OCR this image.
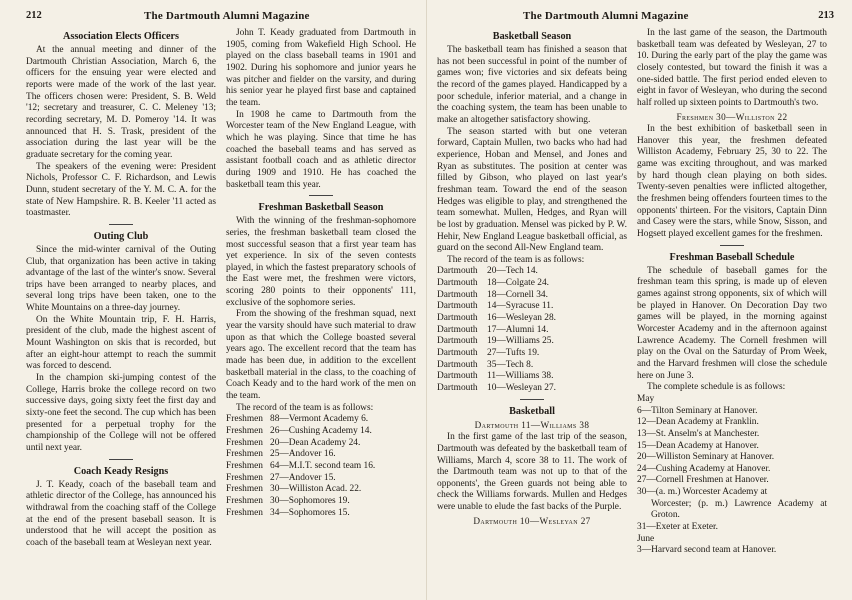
212	The Dartmouth Alumni Magazine
Association Elects Officers

At the annual meeting and dinner of the Dartmouth Christian Association, March 6, the officers for the ensuing year were elected and reports were made of the work of the last year. The officers chosen were: President, S. B. Weld '12; secretary and treasurer, C. C. Meleney '13; recording secretary, M. D. Pomeroy '14. It was announced that H. S. Trask, president of the association during the last year will be the graduate secretary for the coming year.

The speakers of the evening were: President Nichols, Professor C. F. Richardson, and Lewis Dunn, student secretary of the Y. M. C. A. for the state of New Hampshire. R. B. Keeler '11 acted as toastmaster.

Outing Club

Since the mid-winter carnival of the Outing Club, that organization has been active in taking advantage of the last of the winter's snow. Several trips have been arranged to nearby places, and several long trips have been taken, one to the White Mountains on a three-day journey.

On the White Mountain trip, F. H. Harris, president of the club, made the highest ascent of Mount Washington on skis that is recorded, but after an eight-hour attempt to reach the summit was forced to descend.

In the champion ski-jumping contest of the College, Harris broke the college record on two successive days, going sixty feet the first day and sixty-one feet the second. The cup which has been presented for a perpetual trophy for the championship of the College will not be offered until next year.

Coach Keady Resigns

J. T. Keady, coach of the baseball team and athletic director of the College, has announced his withdrawal from the coaching staff of the College at the end of the present baseball season. It is understood that he will accept the position as coach of the baseball team at Wesleyan next year.

John T. Keady graduated from Dartmouth in 1905, coming from Wakefield High School. He played on the class baseball teams in 1901 and 1902. During his sophomore and junior years he was pitcher and fielder on the varsity, and during his senior year he played first base and captained the team.

In 1908 he came to Dartmouth from the Worcester team of the New England League, with which he was playing. Since that time he has coached the baseball teams and has served as assistant football coach and as athletic director during 1909 and 1910. He has coached the basketball team this year.

Freshman Basketball Season

With the winning of the freshman-sophomore series, the freshman basketball team closed the most successful season that a first year team has yet experience. In six of the seven contests played, in which the fastest preparatory schools of the East were met, the freshmen were victors, scoring 280 points to their opponents' 111, exclusive of the sophomore series.

From the showing of the freshman squad, next year the varsity should have such material to draw upon as that which the College boasted several years ago. The excellent record that the team has made has been due, in addition to the excellent basketball material in the class, to the coaching of Coach Keady and to the hard work of the men on the team.

The record of the team is as follows:

Freshmen 88—Vermont Academy 6.
Freshmen 26—Cushing Academy 14.
Freshmen 20—Dean Academy 24.
Freshmen 25—Andover 16.
Freshmen 64—M.I.T. second team 16.
Freshmen 27—Andover 15.
Freshmen 30—Williston Acad. 22.
Freshmen 30—Sophomores 19.
Freshmen 34—Sophomores 15.
The Dartmouth Alumni Magazine	213
Basketball Season

The basketball team has finished a season that has not been successful in point of the number of games won; five victories and six defeats being the record of the games played. Handicapped by a poor schedule, inferior material, and a change in the coaching system, the team has been unable to make an altogether satisfactory showing.

The season started with but one veteran forward, Captain Mullen, two backs who had had experience, Hoban and Mensel, and Jones and Ryan as substitutes. The position at center was filled by Gibson, who played on last year's freshman team. Toward the end of the season Hedges was eligible to play, and strengthened the team somewhat. Mullen, Hedges, and Ryan will be lost by graduation. Mensel was picked by P. W. Hehir, New England League basketball official, as guard on the second All-New England team.

The record of the team is as follows:

Dartmouth 20—Tech 14.
Dartmouth 18—Colgate 24.
Dartmouth 18—Cornell 34.
Dartmouth 14—Syracuse 11.
Dartmouth 16—Wesleyan 28.
Dartmouth 17—Alumni 14.
Dartmouth 19—Williams 25.
Dartmouth 27—Tufts 19.
Dartmouth 35—Tech 8.
Dartmouth 11—Williams 38.
Dartmouth 10—Wesleyan 27.
Basketball
Dartmouth 11—Williams 38

In the first game of the last trip of the season, Dartmouth was defeated by the basketball team of Williams, March 4, score 38 to 11. The work of the Dartmouth team was not up to that of the opponents', the Green guards not being able to check the Williams forwards. Mullen and Hedges were unable to elude the fast backs of the Purple.

Dartmouth 10—Wesleyan 27

In the last game of the season, the Dartmouth basketball team was defeated by Wesleyan, 27 to 10. During the early part of the play the game was closely contested, but toward the finish it was a one-sided battle. The first period ended eleven to eight in favor of Wesleyan, who during the second half rolled up sixteen points to Dartmouth's two.

Freshmen 30—Williston 22

In the best exhibition of basketball seen in Hanover this year, the freshmen defeated Williston Academy, February 25, 30 to 22. The game was exciting throughout, and was marked by hard though clean playing on both sides. Twenty-seven penalties were inflicted altogether, the freshmen being offenders fourteen times to the opponents' thirteen. For the visitors, Captain Dinn and Casey were the stars, while Snow, Sisson, and Hogsett played excellent games for the freshmen.

Freshman Baseball Schedule

The schedule of baseball games for the freshman team this spring, is made up of eleven games against strong opponents, six of which will be played in Hanover. On Decoration Day two games will be played, in the morning against Worcester Academy and in the afternoon against Lawrence Academy. The Cornell freshmen will play on the Oval on the Saturday of Prom Week, and the Harvard freshmen will close the schedule here on June 3.

The complete schedule is as follows:

May
6—Tilton Seminary at Hanover.
12—Dean Academy at Franklin.
13—St. Anselm's at Manchester.
15—Dean Academy at Hanover.
20—Williston Seminary at Hanover.
24—Cushing Academy at Hanover.
27—Cornell Freshmen at Hanover.
30—(a. m.) Worcester Academy at
Worcester; (p. m.) Lawrence Academy at Groton.
31—Exeter at Exeter.
June
3—Harvard second team at Hanover.
